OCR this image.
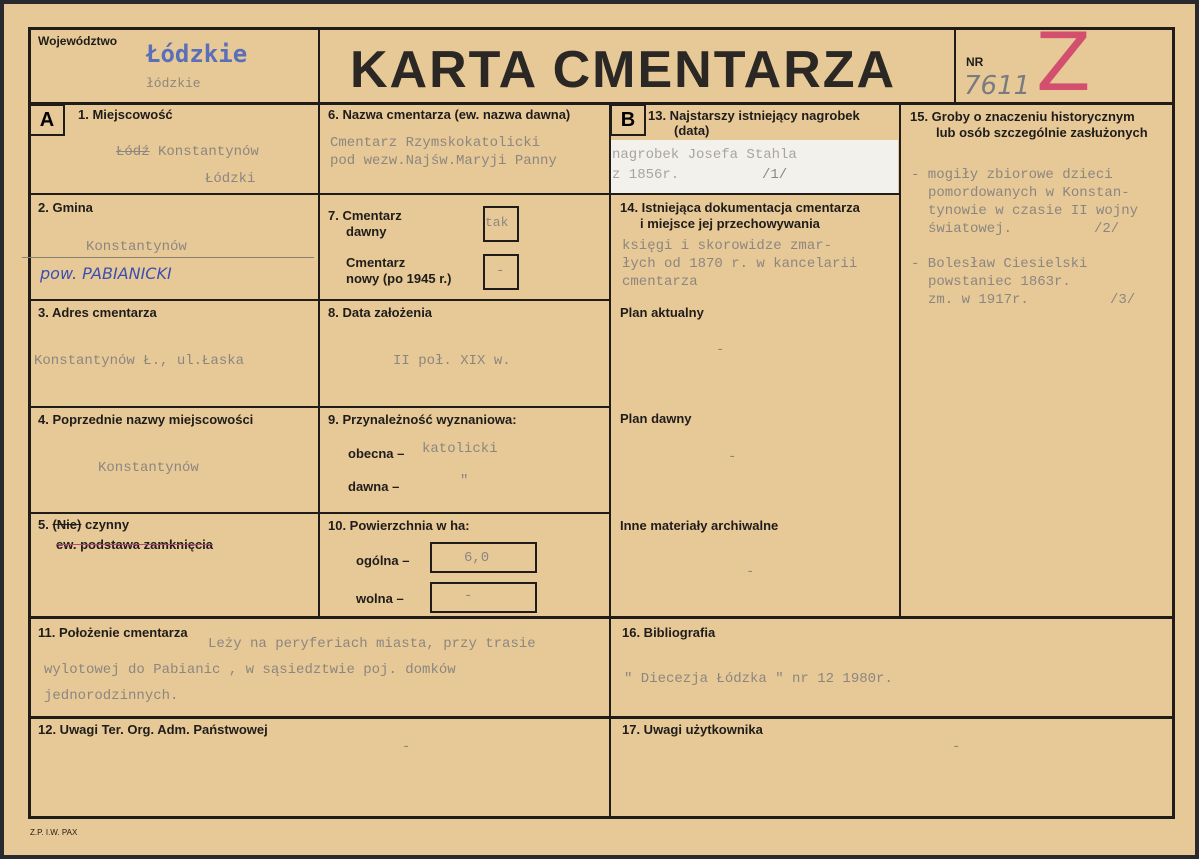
Województwo Łódzkie
łódzkie	KARTA CMENTARZA	NR
7611 Z
A	B
1. Miejscowość
Łódź Konstantynów
Łódzki
2. Gmina
Konstantynów
pow. PABIANICKI
3. Adres cmentarza
Konstantynów Ł., ul.Łaska
4. Poprzednie nazwy miejscowości
Konstantynów
5. (Nie) czynny
ew. podstawa zamknięcia
6. Nazwa cmentarza (ew. nazwa dawna)
Cmentarz Rzymskokatolicki
pod wezw.Najśw.Maryji Panny
7. Cmentarz
dawny
tak
Cmentarz
nowy (po 1945 r.)	-
8. Data założenia
II poł. XIX w.
9. Przynależność wyznaniowa:
obecna – katolicki
dawna –	"
10. Powierzchnia w ha:
ogólna –	6,0
wolna –	-
11. Położenie cmentarza
Leży na peryferiach miasta, przy trasie
wylotowej do Pabianic , w sąsiedztwie poj. domków
jednorodzinnych.
12. Uwagi Ter. Org. Adm. Państwowej
-
13. Najstarszy istniejący nagrobek
(data)
nagrobek Josefa Stahla
z 1856r.	/1/
14. Istniejąca dokumentacja cmentarza
i miejsce jej przechowywania
księgi i skorowidze zmar-
łych od 1870 r. w kancelarii
cmentarza
Plan aktualny
-
Plan dawny
-
Inne materiały archiwalne
-
15. Groby o znaczeniu historycznym
lub osób szczególnie zasłużonych
- mogiły zbiorowe dzieci
pomordowanych w Konstan-
tynowie w czasie II wojny
światowej.	/2/
- Bolesław Ciesielski
powstaniec 1863r.
zm. w 1917r.	/3/
16. Bibliografia
" Diecezja Łódzka " nr 12 1980r.
17. Uwagi użytkownika
-
Z.P. I.W. PAX
